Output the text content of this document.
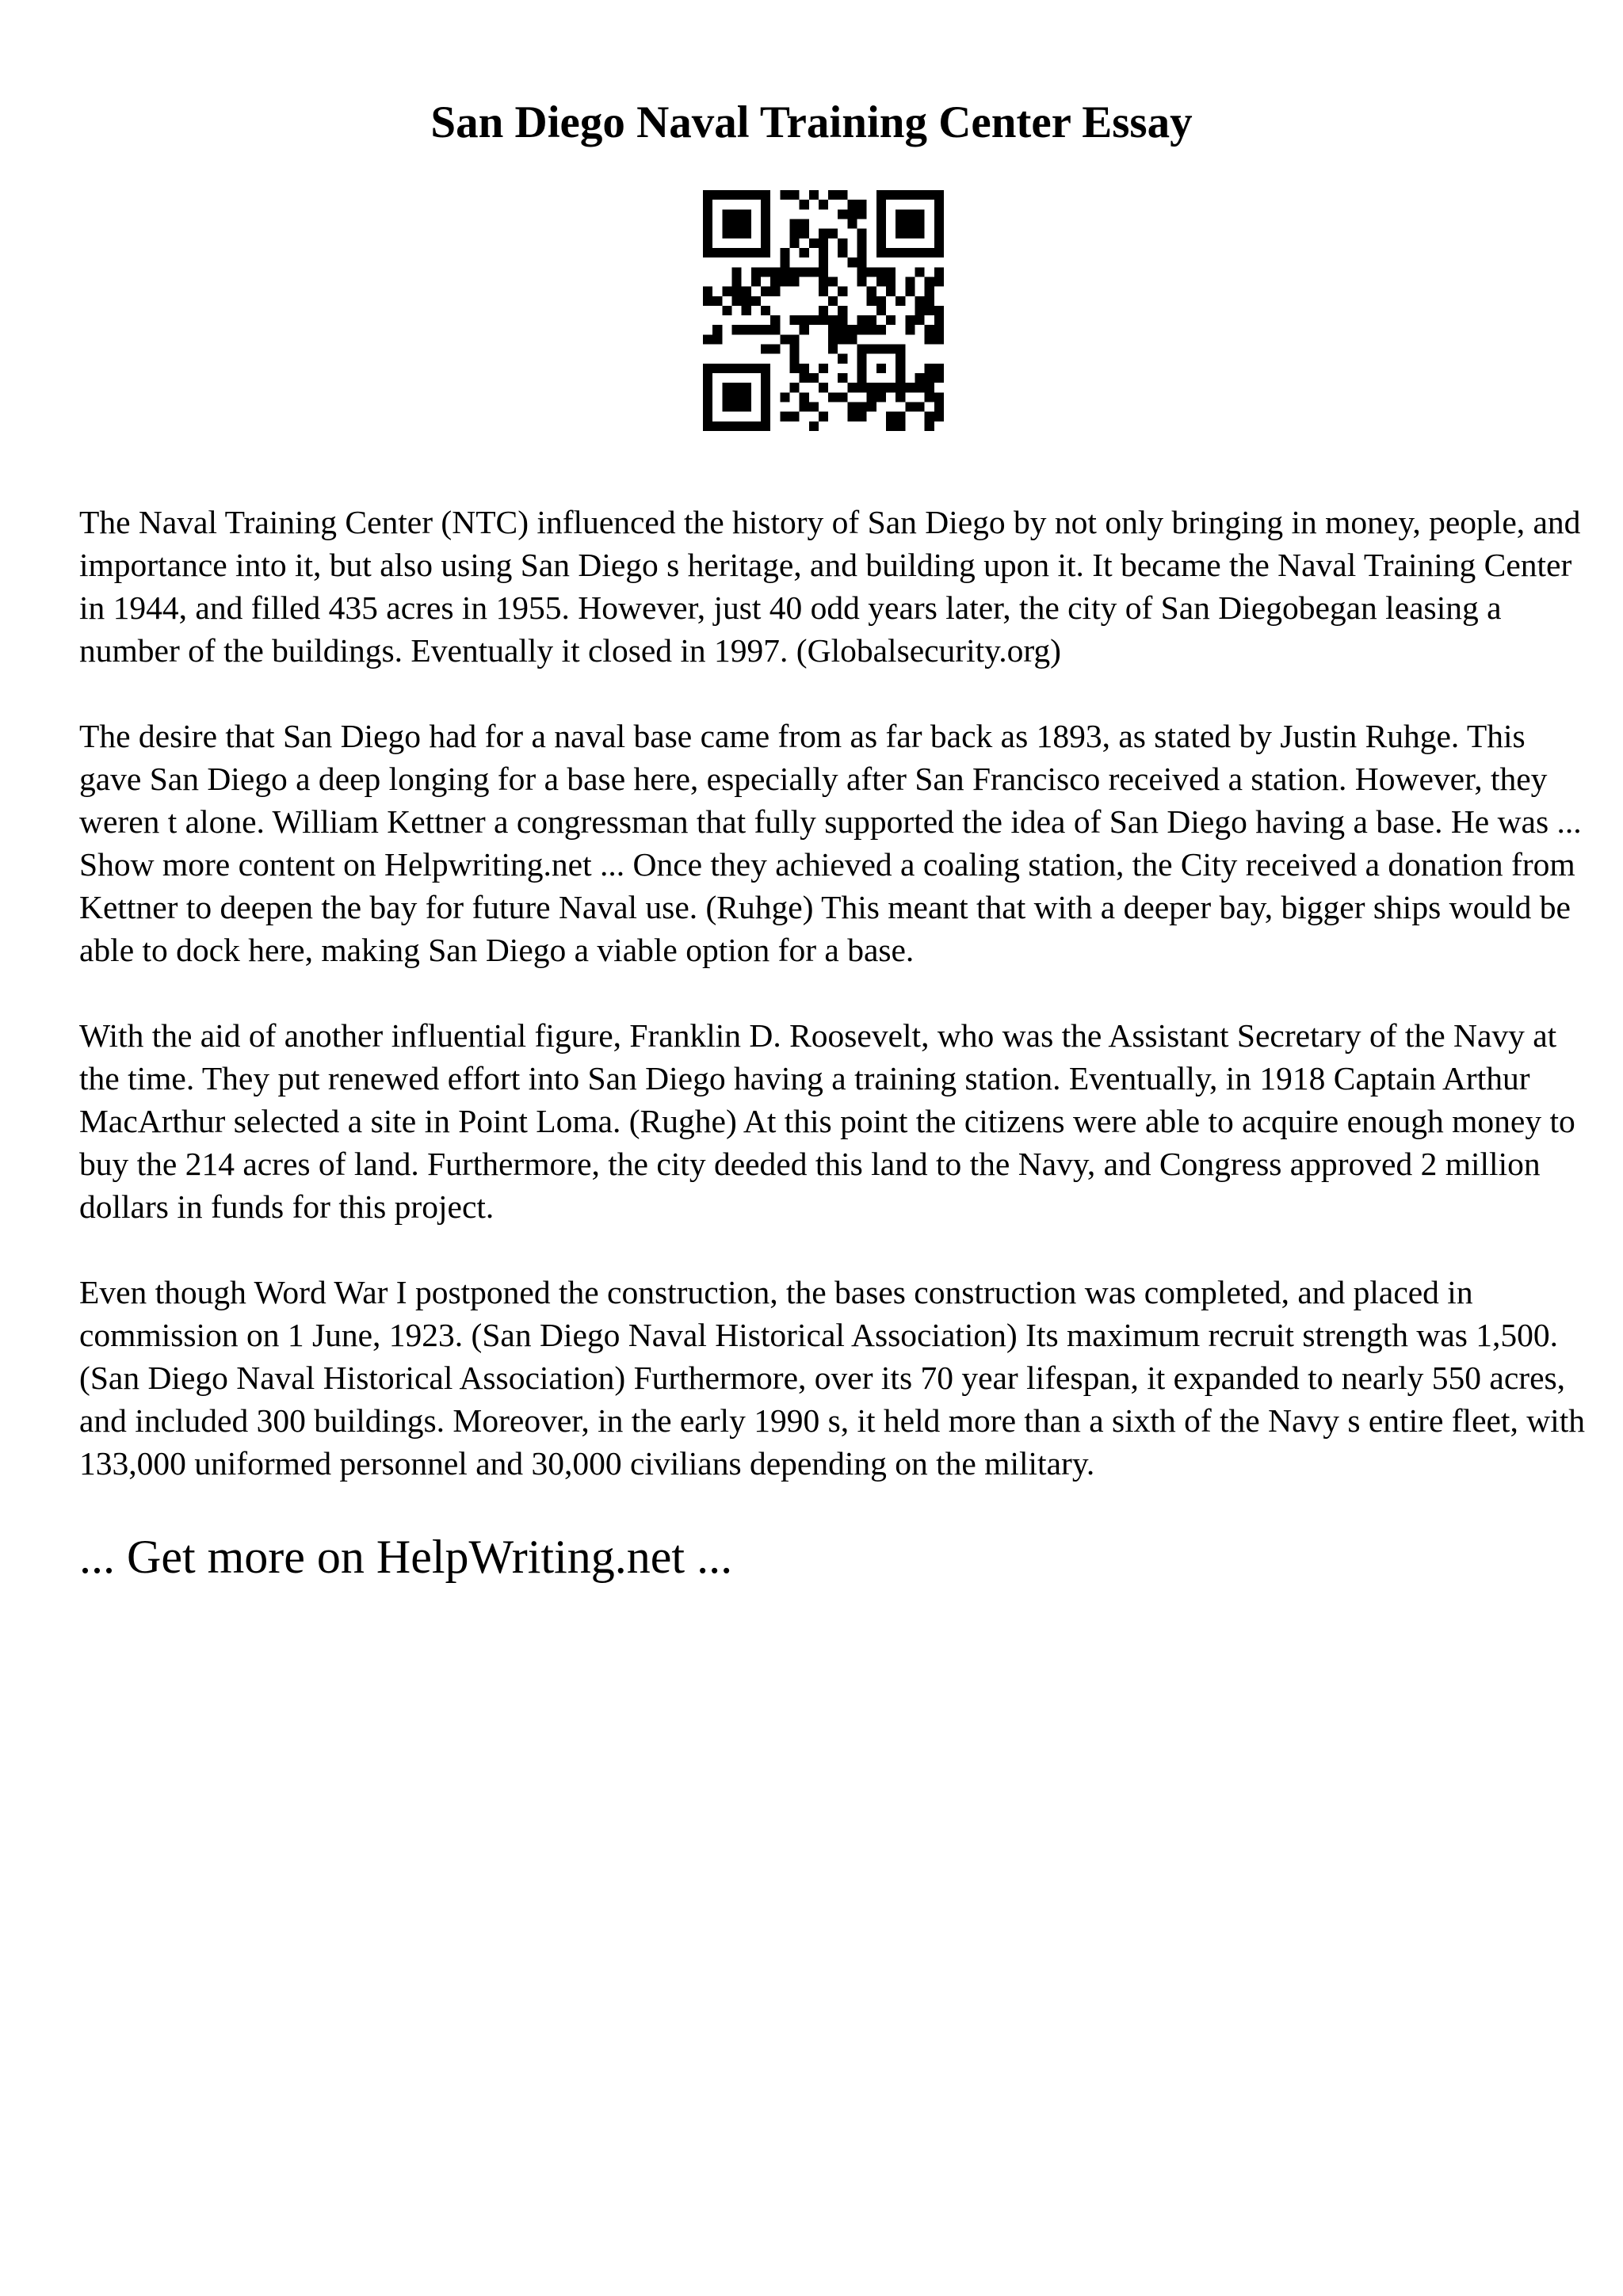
San Diego Naval Training Center Essay

The Naval Training Center (NTC) influenced the history of San Diego by not only bringing in money, people, and importance into it, but also using San Diego s heritage, and building upon it. It became the Naval Training Center in 1944, and filled 435 acres in 1955. However, just 40 odd years later, the city of San Diegobegan leasing a number of the buildings. Eventually it closed in 1997. (Globalsecurity.org)

The desire that San Diego had for a naval base came from as far back as 1893, as stated by Justin Ruhge. This gave San Diego a deep longing for a base here, especially after San Francisco received a station. However, they weren t alone. William Kettner a congressman that fully supported the idea of San Diego having a base. He was ... Show more content on Helpwriting.net ... Once they achieved a coaling station, the City received a donation from Kettner to deepen the bay for future Naval use. (Ruhge) This meant that with a deeper bay, bigger ships would be able to dock here, making San Diego a viable option for a base.

With the aid of another influential figure, Franklin D. Roosevelt, who was the Assistant Secretary of the Navy at the time. They put renewed effort into San Diego having a training station. Eventually, in 1918 Captain Arthur MacArthur selected a site in Point Loma. (Rughe) At this point the citizens were able to acquire enough money to buy the 214 acres of land. Furthermore, the city deeded this land to the Navy, and Congress approved 2 million dollars in funds for this project.

Even though Word War I postponed the construction, the bases construction was completed, and placed in commission on 1 June, 1923. (San Diego Naval Historical Association) Its maximum recruit strength was 1,500. (San Diego Naval Historical Association) Furthermore, over its 70 year lifespan, it expanded to nearly 550 acres, and included 300 buildings. Moreover, in the early 1990 s, it held more than a sixth of the Navy s entire fleet, with 133,000 uniformed personnel and 30,000 civilians depending on the military.

... Get more on HelpWriting.net ...
